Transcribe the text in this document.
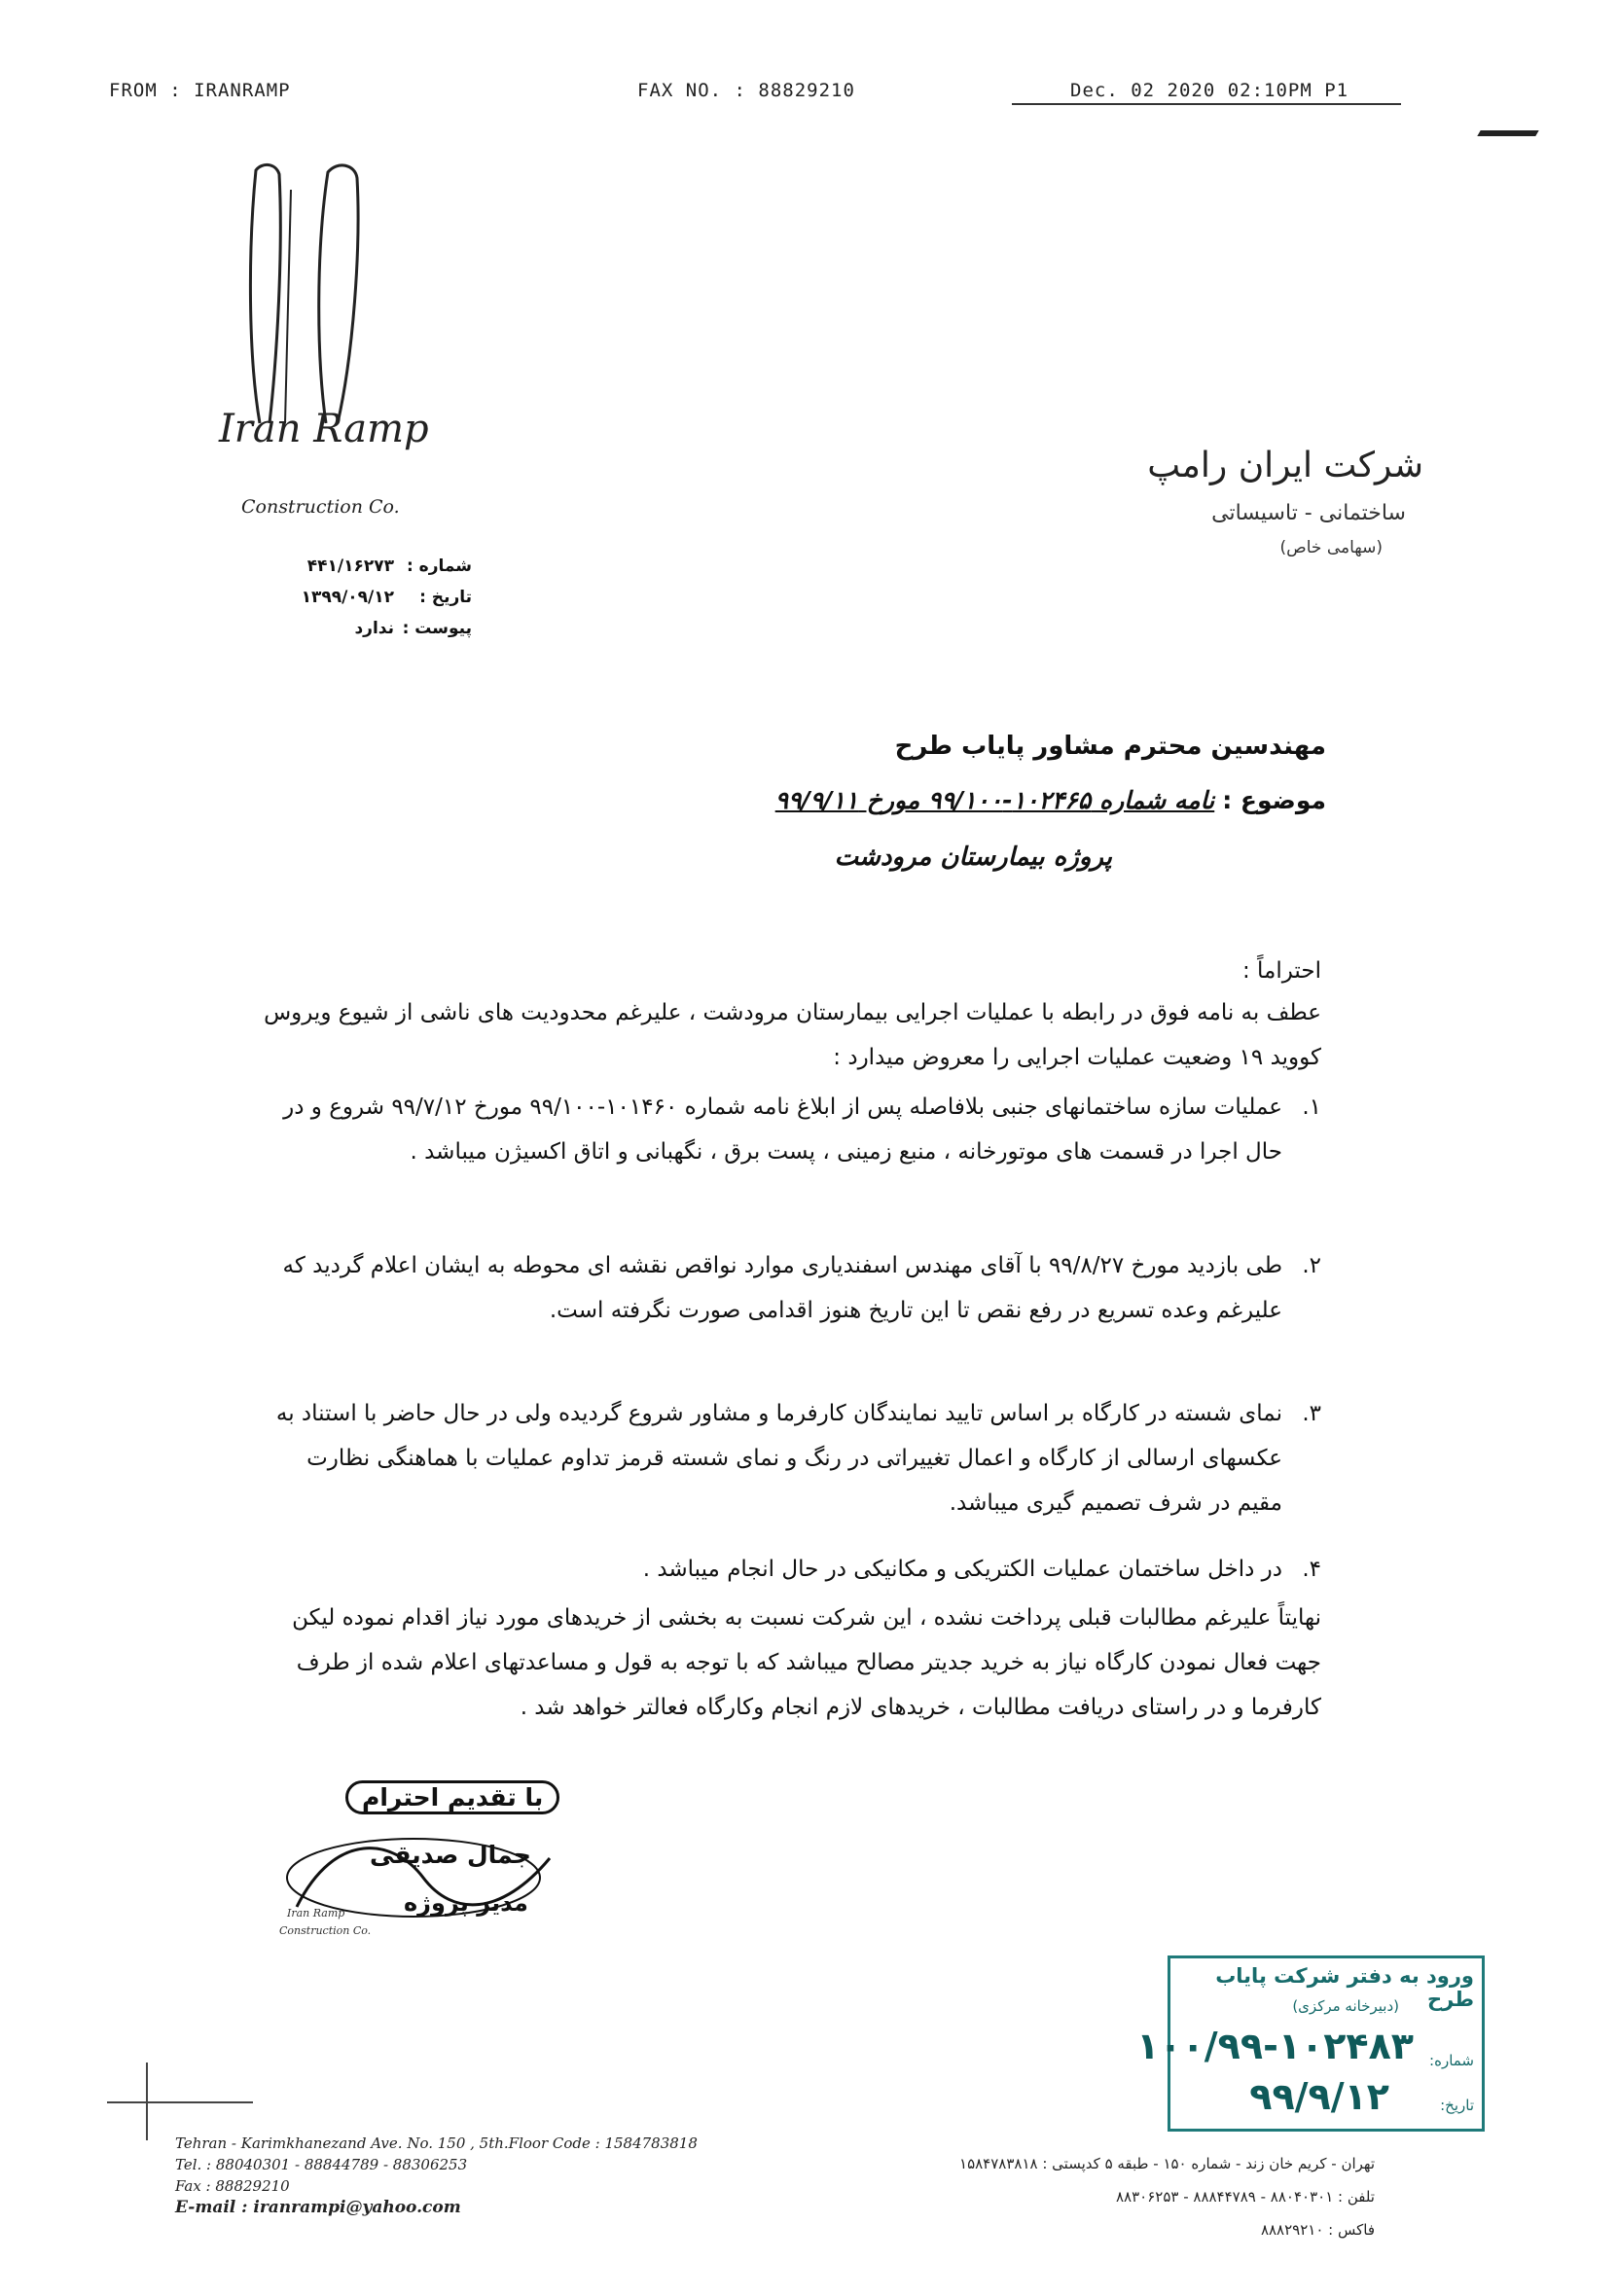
FROM : IRANRAMP	FAX NO. : 88829210	Dec. 02 2020 02:10PM P1
Iran Ramp
Construction Co.
شرکت ایران رامپ
ساختمانی - تاسیساتی
(سهامی خاص)
شماره :
۴۴۱/۱۶۲۷۳
تاریخ :
۱۳۹۹/۰۹/۱۲
پیوست :
ندارد
مهندسین محترم مشاور پایاب طرح
موضوع :
نامه شماره ۱۰۲۴۶۵-۹۹/۱۰۰ مورخ ۹۹/۹/۱۱
پروژه بیمارستان مرودشت
احتراماً :
عطف به نامه فوق در رابطه با عملیات اجرایی بیمارستان مرودشت ، علیرغم محدودیت های ناشی از شیوع ویروس کووید ۱۹ وضعیت عملیات اجرایی را معروض میدارد :
۱.
عملیات سازه ساختمانهای جنبی بلافاصله پس از ابلاغ نامه شماره ۱۰۱۴۶۰-۹۹/۱۰۰ مورخ ۹۹/۷/۱۲ شروع و در حال اجرا در قسمت های موتورخانه ، منبع زمینی ، پست برق ، نگهبانی و اتاق اکسیژن میباشد .
۲.
طی بازدید مورخ ۹۹/۸/۲۷ با آقای مهندس اسفندیاری موارد نواقص نقشه ای محوطه به ایشان اعلام گردید که علیرغم وعده تسریع در رفع نقص تا این تاریخ هنوز اقدامی صورت نگرفته است.
۳.
نمای شسته در کارگاه بر اساس تایید نمایندگان کارفرما و مشاور شروع گردیده ولی در حال حاضر با استناد به عکسهای ارسالی از کارگاه و اعمال تغییراتی در رنگ و نمای شسته قرمز تداوم عملیات با هماهنگی نظارت مقیم در شرف تصمیم گیری میباشد.
۴.
در داخل ساختمان عملیات الکتریکی و مکانیکی در حال انجام میباشد .
نهایتاً علیرغم مطالبات قبلی پرداخت نشده ، این شرکت نسبت به بخشی از خریدهای مورد نیاز اقدام نموده لیکن جهت فعال نمودن کارگاه نیاز به خرید جدیتر مصالح میباشد که با توجه به قول و مساعدتهای اعلام شده از طرف کارفرما و در راستای دریافت مطالبات ، خریدهای لازم انجام وکارگاه فعالتر خواهد شد .
با تقدیم احترام
جمال صدیقی
مدیر پروژه
Iran Ramp
Construction Co.
ورود به دفتر شرکت پایاب طرح
(دبیرخانه مرکزی)
شماره:
۱۰۰/۹۹-۱۰۲۴۸۳
تاریخ:
۹۹/۹/۱۲
Tehran - Karimkhanezand Ave. No. 150 , 5th.Floor Code : 1584783818
Tel. : 88040301 - 88844789 - 88306253
Fax : 88829210
E-mail : iranrampi@yahoo.com
تهران - کریم خان زند - شماره ۱۵۰ - طبقه ۵ کدپستی : ۱۵۸۴۷۸۳۸۱۸
تلفن : ۸۸۰۴۰۳۰۱ - ۸۸۸۴۴۷۸۹ - ۸۸۳۰۶۲۵۳
فاکس : ۸۸۸۲۹۲۱۰
